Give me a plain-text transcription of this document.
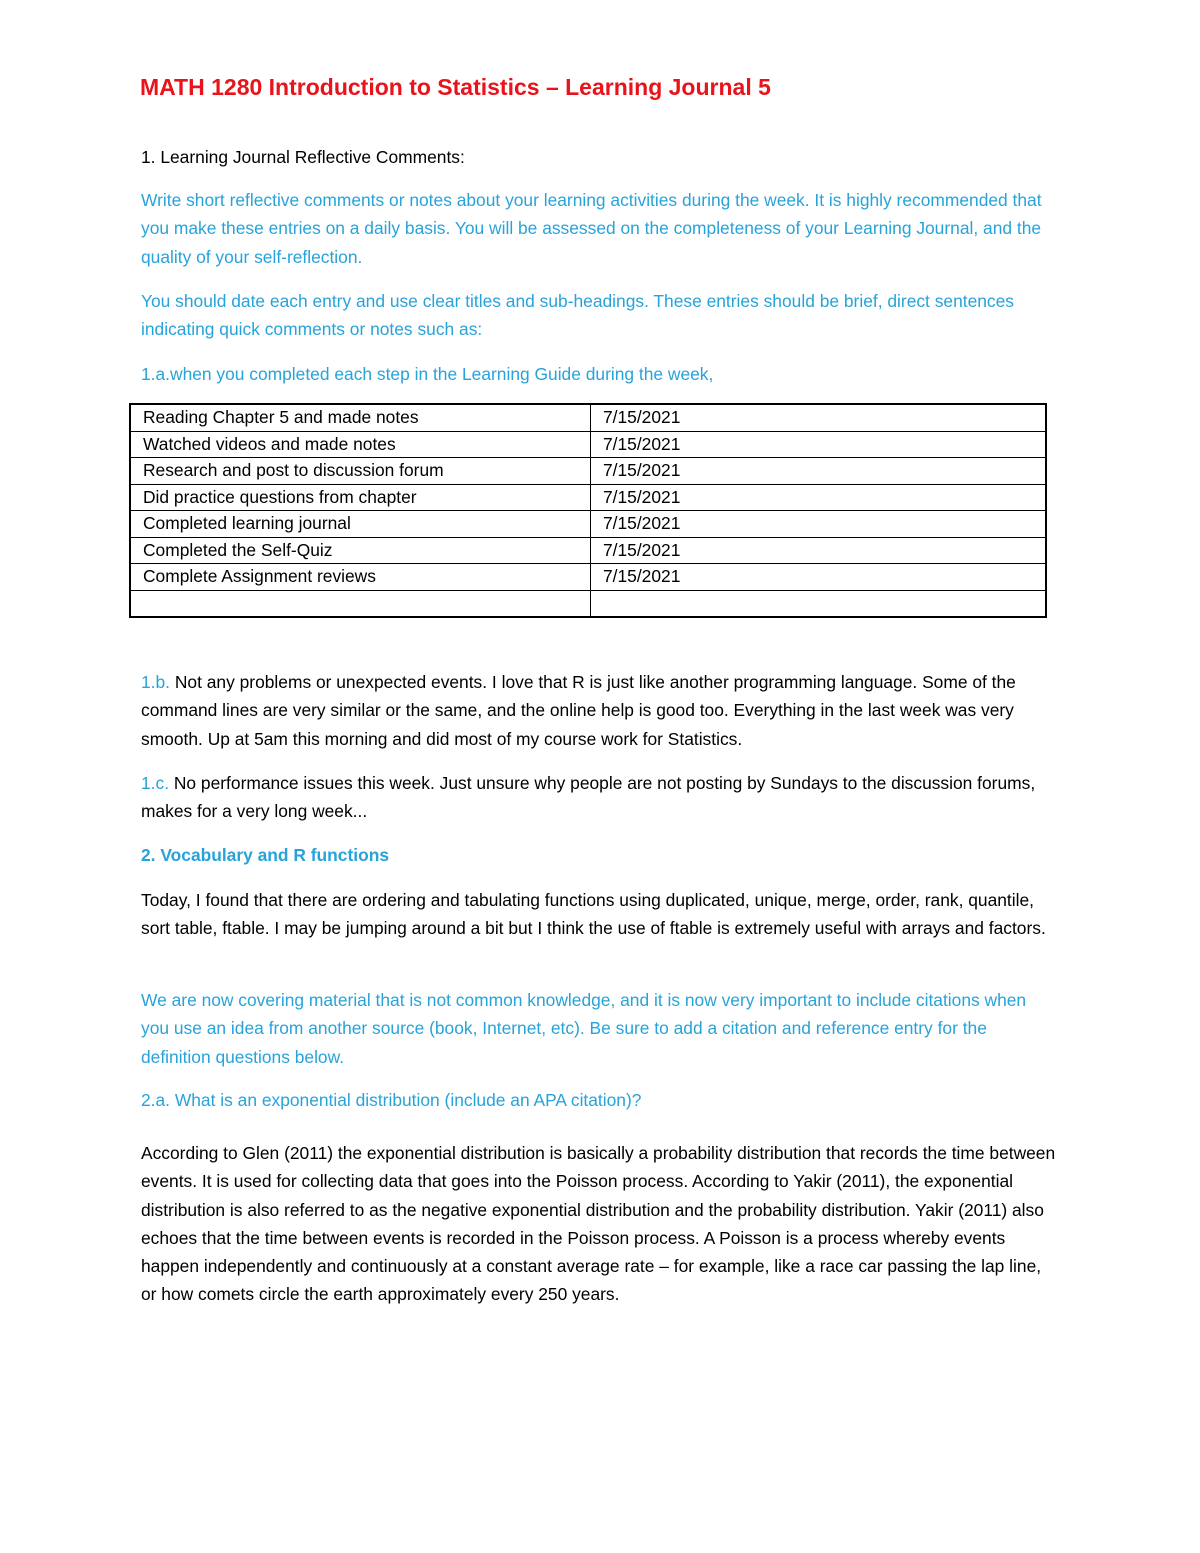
MATH 1280 Introduction to Statistics – Learning Journal 5

1. Learning Journal Reflective Comments:

Write short reflective comments or notes about your learning activities during the week. It is highly recommended that you make these entries on a daily basis. You will be assessed on the completeness of your Learning Journal, and the quality of your self-reflection.

You should date each entry and use clear titles and sub-headings. These entries should be brief, direct sentences indicating quick comments or notes such as:

1.a.when you completed each step in the Learning Guide during the week,

Reading Chapter 5 and made notes	7/15/2021
Watched videos and made notes	7/15/2021
Research and post to discussion forum	7/15/2021
Did practice questions from chapter	7/15/2021
Completed learning journal	7/15/2021
Completed the Self-Quiz	7/15/2021
Complete Assignment reviews	7/15/2021

1.b. Not any problems or unexpected events. I love that R is just like another programming language. Some of the command lines are very similar or the same, and the online help is good too. Everything in the last week was very smooth. Up at 5am this morning and did most of my course work for Statistics.

1.c. No performance issues this week. Just unsure why people are not posting by Sundays to the discussion forums, makes for a very long week...

2. Vocabulary and R functions

Today, I found that there are ordering and tabulating functions using duplicated, unique, merge, order, rank, quantile, sort table, ftable. I may be jumping around a bit but I think the use of ftable is extremely useful with arrays and factors.

We are now covering material that is not common knowledge, and it is now very important to include citations when you use an idea from another source (book, Internet, etc). Be sure to add a citation and reference entry for the definition questions below.

2.a. What is an exponential distribution (include an APA citation)?

According to Glen (2011) the exponential distribution is basically a probability distribution that records the time between events. It is used for collecting data that goes into the Poisson process. According to Yakir (2011), the exponential distribution is also referred to as the negative exponential distribution and the probability distribution. Yakir (2011) also echoes that the time between events is recorded in the Poisson process. A Poisson is a process whereby events happen independently and continuously at a constant average rate – for example, like a race car passing the lap line, or how comets circle the earth approximately every 250 years.
